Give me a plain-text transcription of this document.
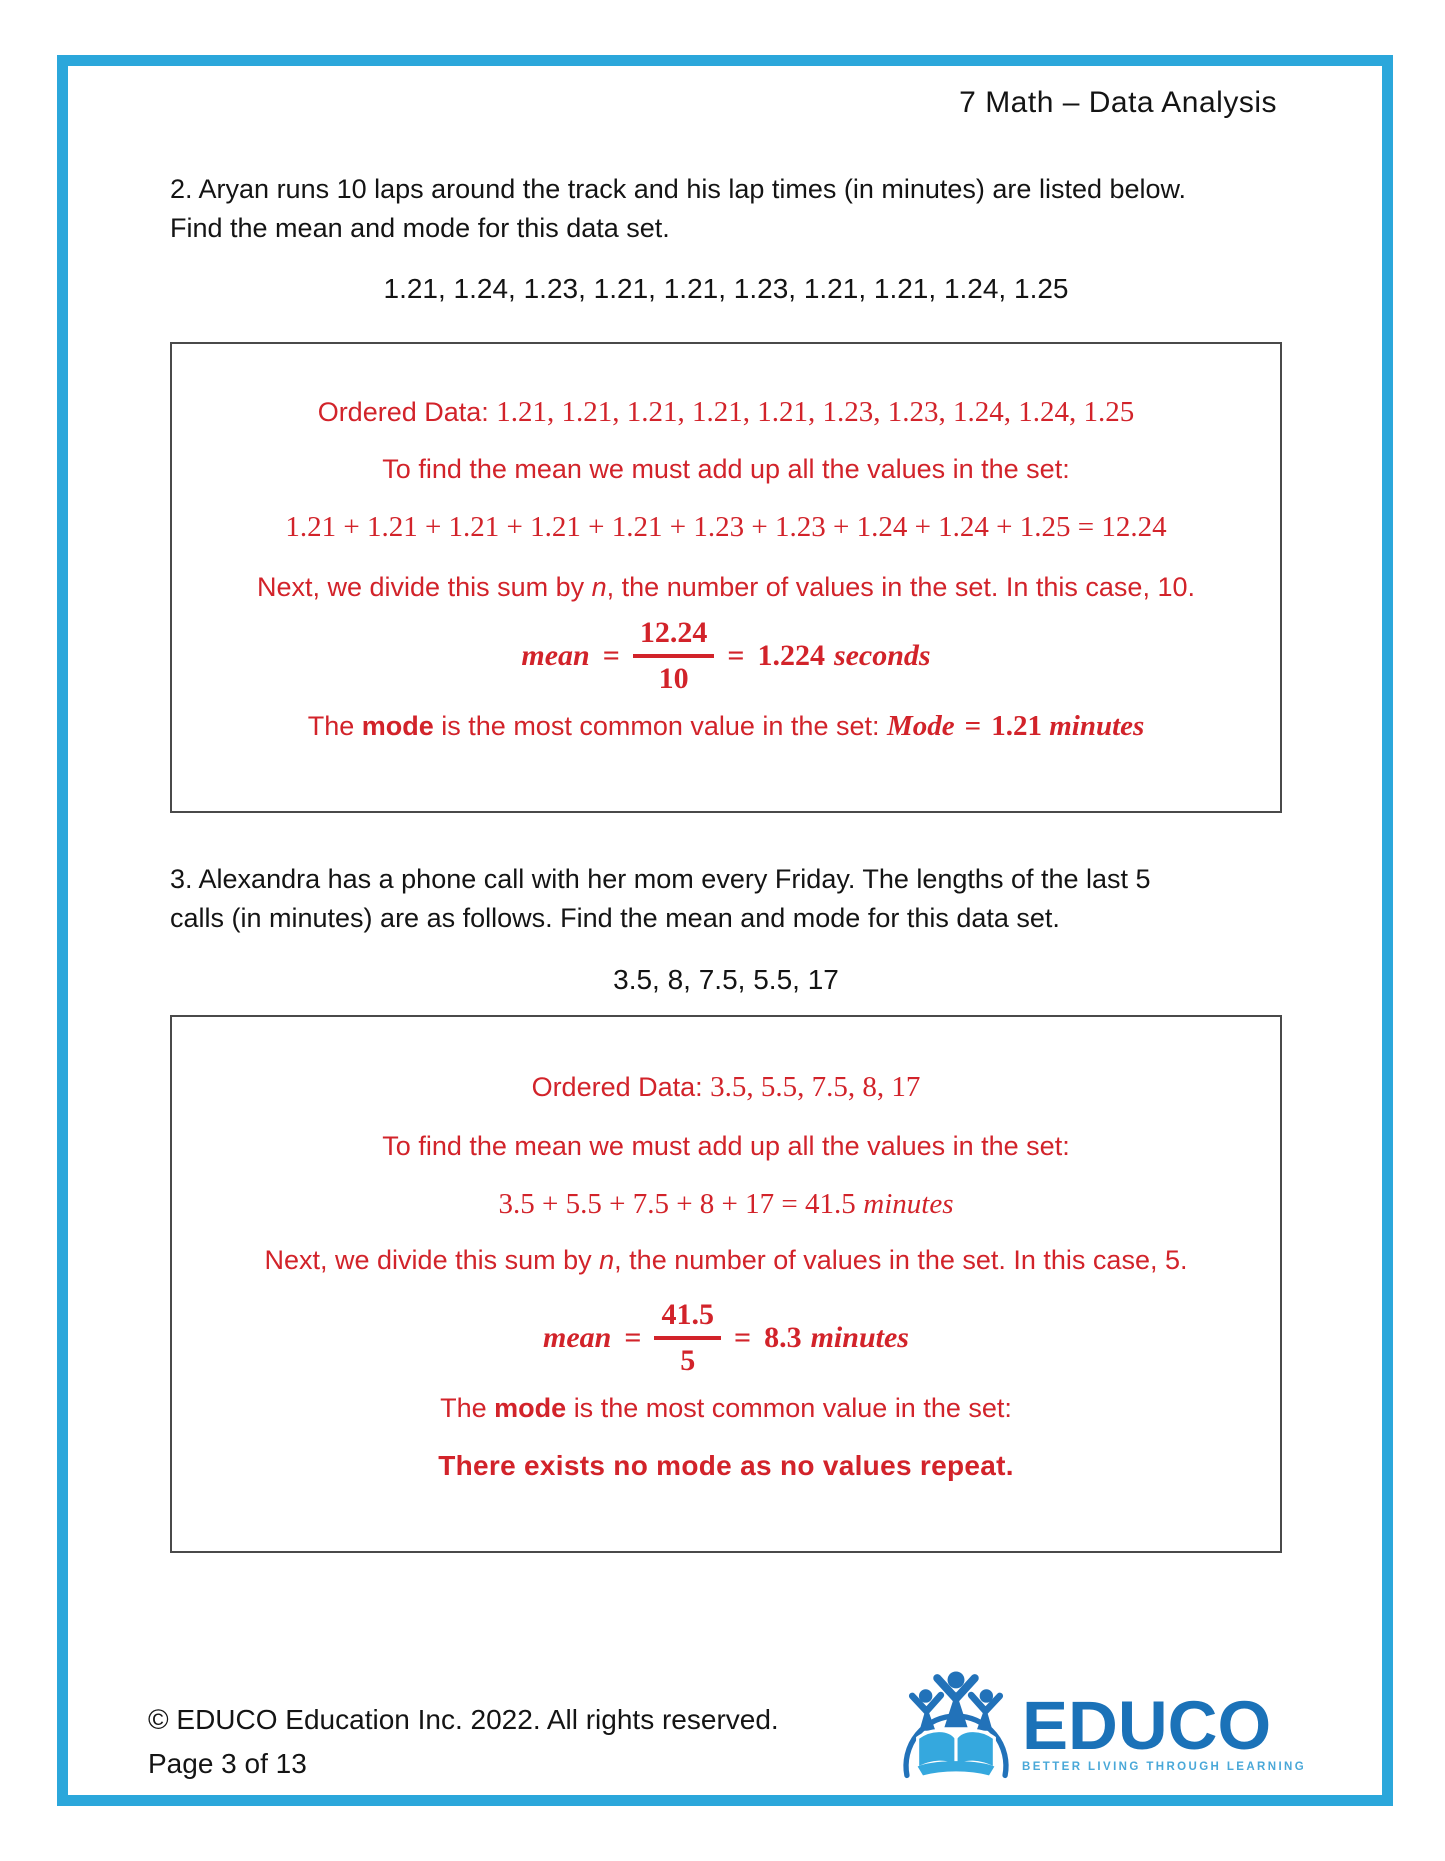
7 Math – Data Analysis
2. Aryan runs 10 laps around the track and his lap times (in minutes) are listed below.
Find the mean and mode for this data set.
1.21, 1.24, 1.23, 1.21, 1.21, 1.23, 1.21, 1.21, 1.24, 1.25
Ordered Data: 1.21, 1.21, 1.21, 1.21, 1.21, 1.23, 1.23, 1.24, 1.24, 1.25
To find the mean we must add up all the values in the set:
1.21 + 1.21 + 1.21 + 1.21 + 1.21 + 1.23 + 1.23 + 1.24 + 1.24 + 1.25 = 12.24
Next, we divide this sum by n, the number of values in the set. In this case, 10.
mean = $\frac{12.24}{10} = 1.224$ seconds
The mode is the most common value in the set: Mode = 1.21 minutes
3. Alexandra has a phone call with her mom every Friday. The lengths of the last 5
calls (in minutes) are as follows. Find the mean and mode for this data set.
3.5, 8, 7.5, 5.5, 17
Ordered Data: 3.5, 5.5, 7.5, 8, 17
To find the mean we must add up all the values in the set:
3.5 + 5.5 + 7.5 + 8 + 17 = 41.5 minutes
Next, we divide this sum by n, the number of values in the set. In this case, 5.
mean = $\frac{41.5}{5} = 8.3$ minutes
The mode is the most common value in the set:
There exists no mode as no values repeat.
© EDUCO Education Inc. 2022. All rights reserved.
Page 3 of 13	EDUCO
BETTER LIVING THROUGH LEARNING
